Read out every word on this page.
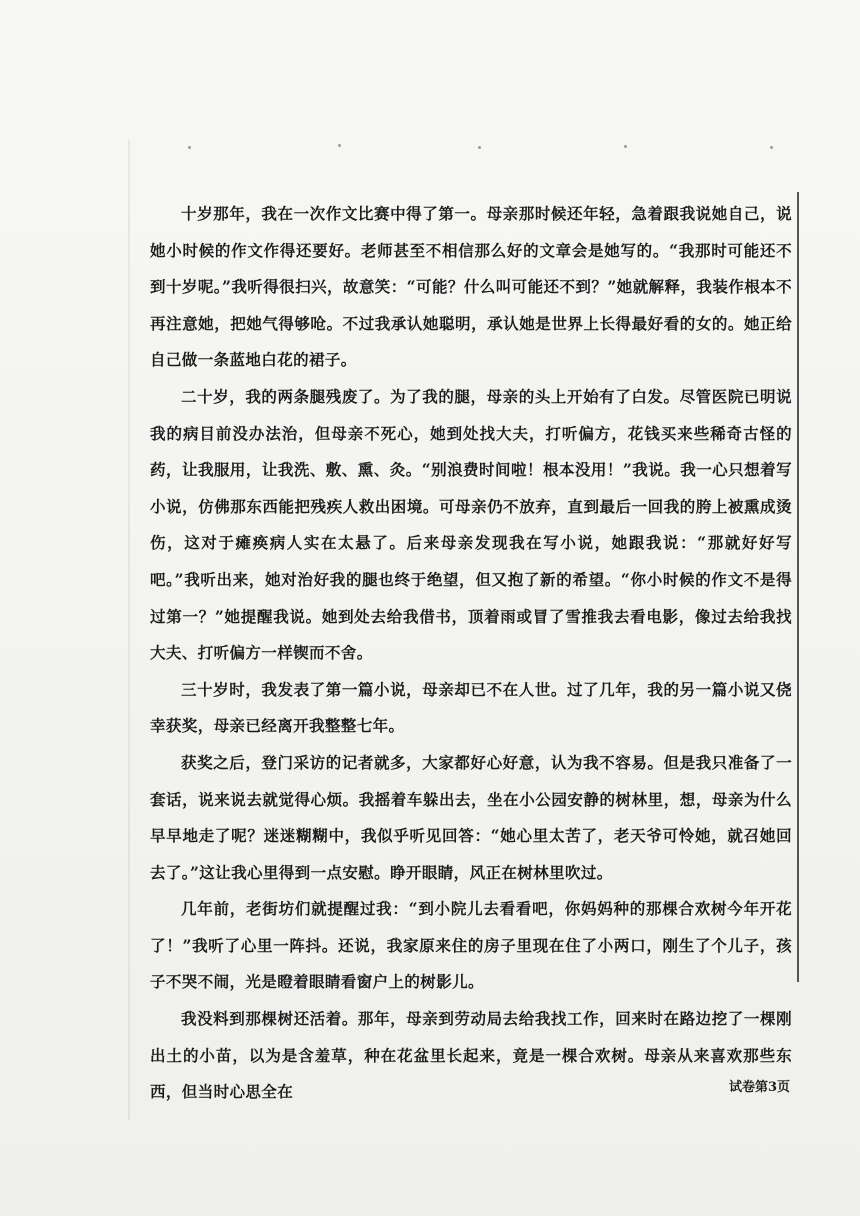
十岁那年，我在一次作文比赛中得了第一。母亲那时候还年轻，急着跟我说她自己，说她小时候的作文作得还要好。老师甚至不相信那么好的文章会是她写的。“我那时可能还不到十岁呢。”我听得很扫兴，故意笑：“可能？什么叫可能还不到？”她就解释，我装作根本不再注意她，把她气得够呛。不过我承认她聪明，承认她是世界上长得最好看的女的。她正给自己做一条蓝地白花的裙子。

二十岁，我的两条腿残废了。为了我的腿，母亲的头上开始有了白发。尽管医院已明说我的病目前没办法治，但母亲不死心，她到处找大夫，打听偏方，花钱买来些稀奇古怪的药，让我服用，让我洗、敷、熏、灸。“别浪费时间啦！根本没用！”我说。我一心只想着写小说，仿佛那东西能把残疾人救出困境。可母亲仍不放弃，直到最后一回我的胯上被熏成烫伤，这对于瘫痪病人实在太悬了。后来母亲发现我在写小说，她跟我说：“那就好好写吧。”我听出来，她对治好我的腿也终于绝望，但又抱了新的希望。“你小时候的作文不是得过第一？”她提醒我说。她到处去给我借书，顶着雨或冒了雪推我去看电影，像过去给我找大夫、打听偏方一样锲而不舍。

三十岁时，我发表了第一篇小说，母亲却已不在人世。过了几年，我的另一篇小说又侥幸获奖，母亲已经离开我整整七年。

获奖之后，登门采访的记者就多，大家都好心好意，认为我不容易。但是我只准备了一套话，说来说去就觉得心烦。我摇着车躲出去，坐在小公园安静的树林里，想，母亲为什么早早地走了呢？迷迷糊糊中，我似乎听见回答：“她心里太苦了，老天爷可怜她，就召她回去了。”这让我心里得到一点安慰。睁开眼睛，风正在树林里吹过。

几年前，老街坊们就提醒过我：“到小院儿去看看吧，你妈妈种的那棵合欢树今年开花了！”我听了心里一阵抖。还说，我家原来住的房子里现在住了小两口，刚生了个儿子，孩子不哭不闹，光是瞪着眼睛看窗户上的树影儿。

我没料到那棵树还活着。那年，母亲到劳动局去给我找工作，回来时在路边挖了一棵刚出土的小苗，以为是含羞草，种在花盆里长起来，竟是一棵合欢树。母亲从来喜欢那些东西，但当时心思全在	试卷第3页
